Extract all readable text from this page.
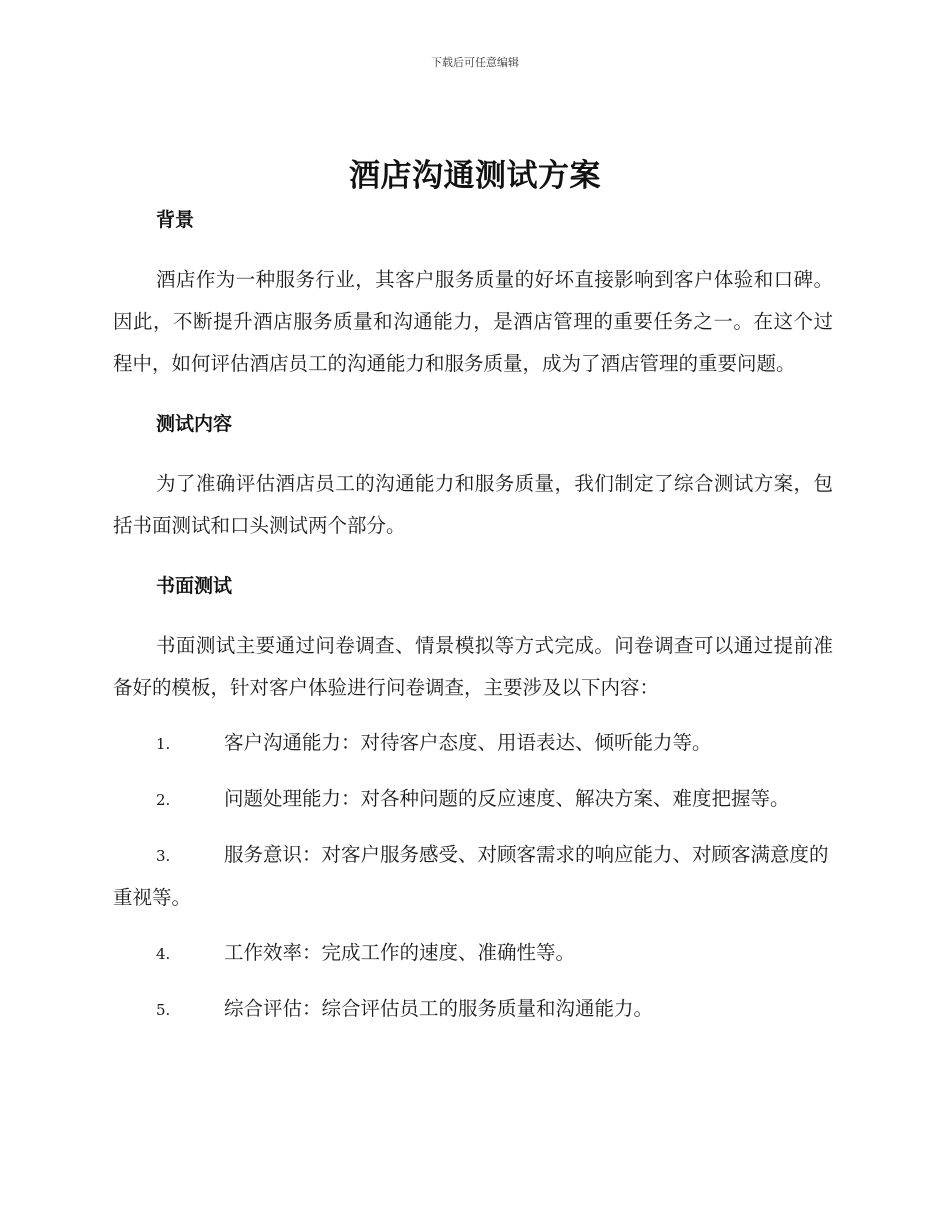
下载后可任意编辑
酒店沟通测试方案
背景

酒店作为一种服务行业，其客户服务质量的好坏直接影响到客户体验和口碑。因此，不断提升酒店服务质量和沟通能力，是酒店管理的重要任务之一。在这个过程中，如何评估酒店员工的沟通能力和服务质量，成为了酒店管理的重要问题。

测试内容

为了准确评估酒店员工的沟通能力和服务质量，我们制定了综合测试方案，包括书面测试和口头测试两个部分。

书面测试

书面测试主要通过问卷调查、情景模拟等方式完成。问卷调查可以通过提前准备好的模板，针对客户体验进行问卷调查，主要涉及以下内容：

1.	客户沟通能力：对待客户态度、用语表达、倾听能力等。

2.	问题处理能力：对各种问题的反应速度、解决方案、难度把握等。

3.	服务意识：对客户服务感受、对顾客需求的响应能力、对顾客满意度的重视等。

4.	工作效率：完成工作的速度、准确性等。

5.	综合评估：综合评估员工的服务质量和沟通能力。
